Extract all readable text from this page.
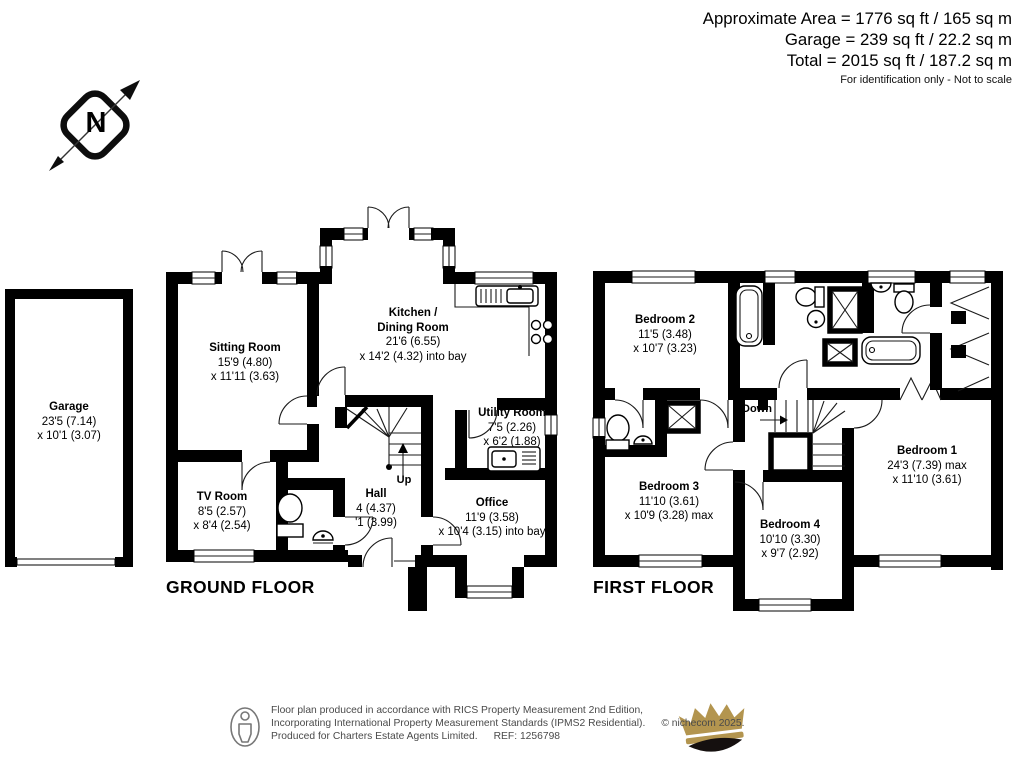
Approximate Area = 1776 sq ft / 165 sq m
Garage = 239 sq ft / 22.2 sq m
Total = 2015 sq ft / 187.2 sq m
For identification only - Not to scale
N
Garage
23'5 (7.14)
x 10'1 (3.07)
Sitting Room
15'9 (4.80)
x 11'11 (3.63)
Kitchen /
Dining Room
21'6 (6.55)
x 14'2 (4.32) into bay
Utility Room
7'5 (2.26)
x 6'2 (1.88)
TV Room
8'5 (2.57)
x 8'4 (2.54)
Hall
4 (4.37)
'1 (3.99)
Office
11'9 (3.58)
x 10'4 (3.15) into bay
Up
GROUND FLOOR
Bedroom 2
11'5 (3.48)
x 10'7 (3.23)
Bedroom 1
24'3 (7.39) max
x 11'10 (3.61)
Bedroom 3
11'10 (3.61)
x 10'9 (3.28) max
Bedroom 4
10'10 (3.30)
x 9'7 (2.92)
Down
FIRST FLOOR
Floor plan produced in accordance with RICS Property Measurement 2nd Edition,
Incorporating International Property Measurement Standards (IPMS2 Residential). © nichecom 2025.
Produced for Charters Estate Agents Limited. REF: 1256798
